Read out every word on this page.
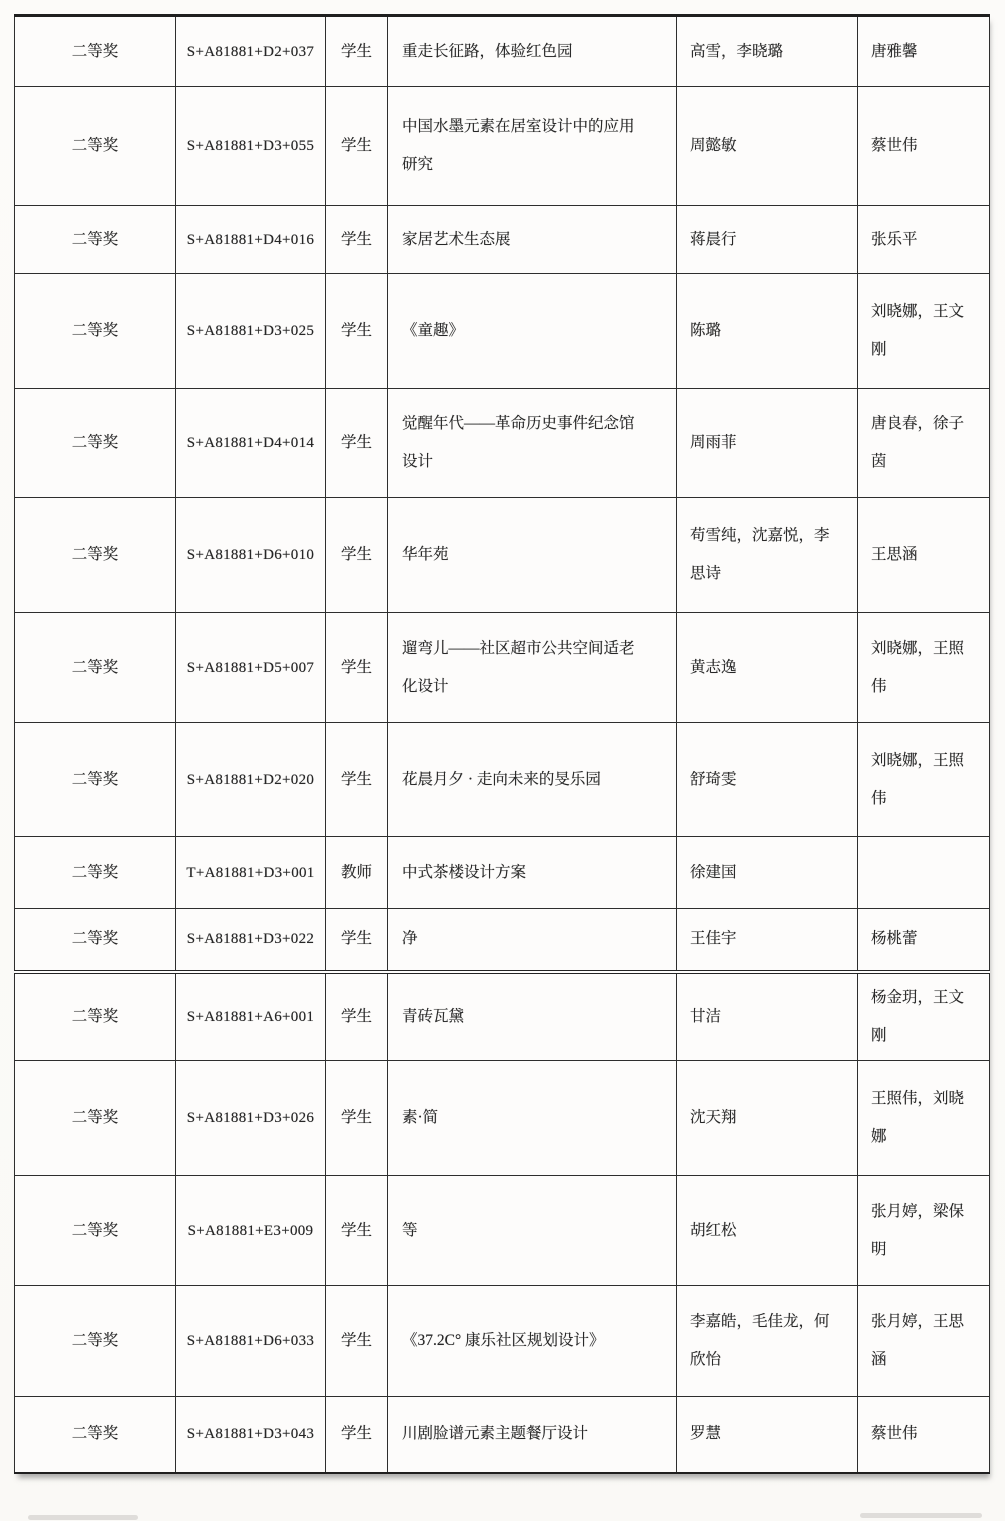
二等奖	S+A81881+D2+037	学生	重走长征路，体验红色园	高雪，李晓璐	唐雅馨
二等奖	S+A81881+D3+055	学生	中国水墨元素在居室设计中的应用研究	周懿敏	蔡世伟
二等奖	S+A81881+D4+016	学生	家居艺术生态展	蒋晨行	张乐平
二等奖	S+A81881+D3+025	学生	《童趣》	陈璐	刘晓娜，王文刚
二等奖	S+A81881+D4+014	学生	觉醒年代——革命历史事件纪念馆设计	周雨菲	唐良春，徐子茵
二等奖	S+A81881+D6+010	学生	华年苑	苟雪纯，沈嘉悦，李思诗	王思涵
二等奖	S+A81881+D5+007	学生	遛弯儿——社区超市公共空间适老化设计	黄志逸	刘晓娜，王照伟
二等奖	S+A81881+D2+020	学生	花晨月夕 · 走向未来的旻乐园	舒琦雯	刘晓娜，王照伟
二等奖	T+A81881+D3+001	教师	中式茶楼设计方案	徐建国	
二等奖	S+A81881+D3+022	学生	净	王佳宇	杨桃蕾
二等奖	S+A81881+A6+001	学生	青砖瓦黛	甘洁	杨金玥，王文刚
二等奖	S+A81881+D3+026	学生	素·简	沈天翔	王照伟，刘晓娜
二等奖	S+A81881+E3+009	学生	等	胡红松	张月婷，梁保明
二等奖	S+A81881+D6+033	学生	《37.2C° 康乐社区规划设计》	李嘉皓，毛佳龙，何欣怡	张月婷，王思涵
二等奖	S+A81881+D3+043	学生	川剧脸谱元素主题餐厅设计	罗慧	蔡世伟
